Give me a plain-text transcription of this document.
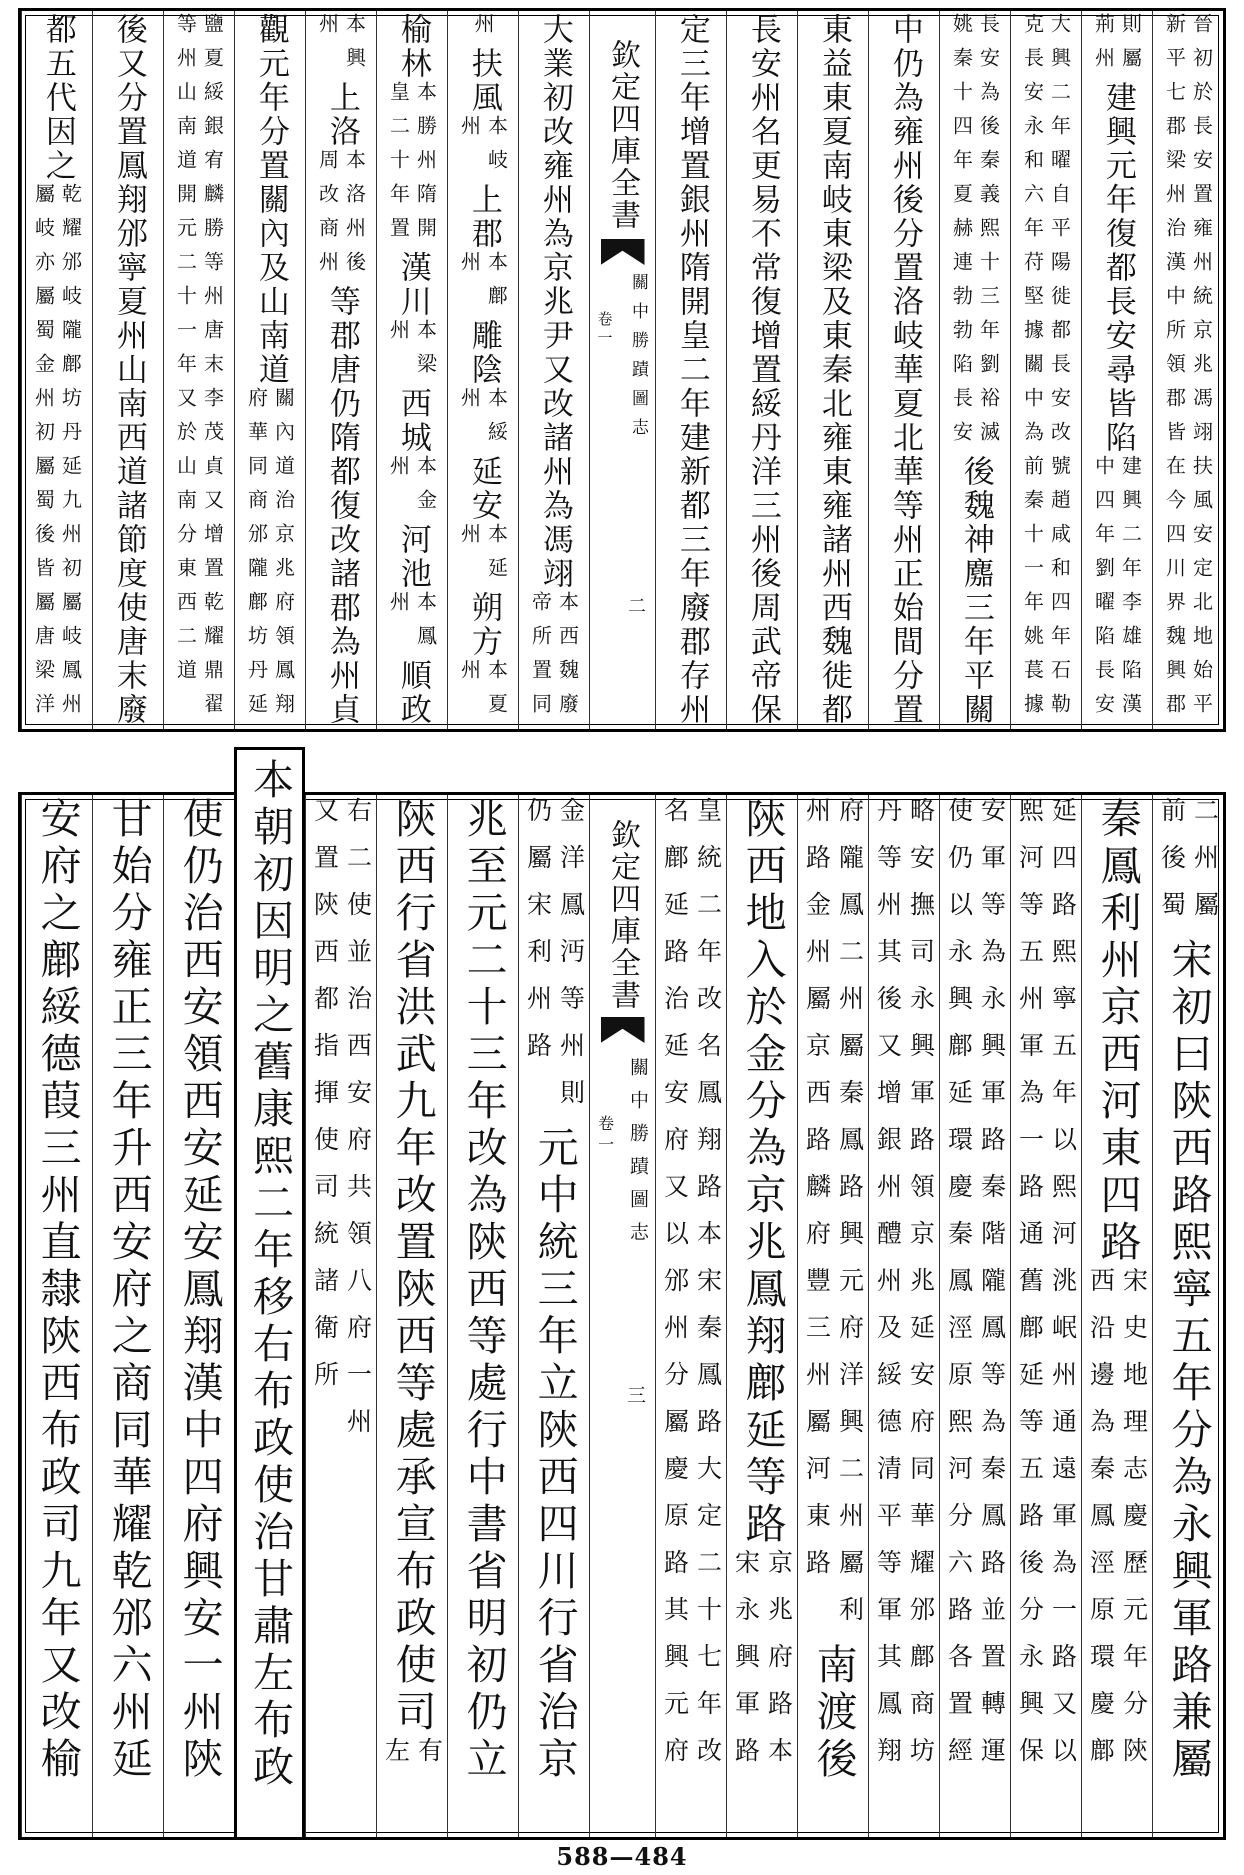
晉初於長安置雍州統京兆馮翊扶風安定北地始平
新平七郡梁州治漢中所領郡皆在今四川界魏興郡
則屬
荊州
建興元年復都長安尋皆陷
建興二年李雄陷漢
中四年劉曜陷長安
大興二年曜自平陽徙都長安改號趙咸和四年石勒
克長安永和六年苻堅據關中為前秦十一年姚萇據
長安為後秦義熙十三年劉裕滅
姚秦十四年夏赫連勃勃陷長安
後魏神䴥三年平關
中仍為雍州後分置洛岐華夏北華等州正始間分置
東益東夏南岐東梁及東秦北雍東雍諸州西魏徙都
長安州名更易不常復增置綏丹洋三州後周武帝保
定三年增置銀州隋開皇二年建新都三年廢郡存州
欽定四庫全書
關中勝蹟圖志
卷一
二
大業初改雍州為京兆尹又改諸州為馮翊
本西魏廢
帝所置同
州
扶風
本岐
州
上郡
本鄜
州
雕陰
本綏
州
延安
本延
州
朔方
本夏
州
榆林
本勝州隋開
皇二十年置
漢川
本梁
州
西城
本金
州
河池
本鳳
州
順政
本興
州
上洛
本洛州後
周改商州
等郡唐仍隋都復改諸郡為州貞
觀元年分置關內及山南道
關內道治京兆府領鳳翔
府華同商邠隴鄜坊丹延
鹽夏綏銀宥麟勝等州唐末李茂貞又增置乾耀鼎翟
等州山南道開元二十一年又於山南分東西二道
後又分置鳳翔邠寧夏州山南西道諸節度使唐末廢
都五代因之
乾耀邠岐隴鄜坊丹延九州初屬岐鳳州
屬岐亦屬蜀金州初屬蜀後皆屬唐梁洋
二州屬
前後蜀
宋初曰陝西路熙寧五年分為永興軍路兼屬
秦鳳利州京西河東四路
宋史地理志慶歷元年分陝
西沿邊為秦鳳涇原環慶鄜
延四路熙寧五年以熙河洮岷州通遠軍為一路又以
熙河等五州軍為一路通舊鄜延等五路後分永興保
安軍等為永興軍路秦階隴鳳等為秦鳳路並置轉運
使仍以永興鄜延環慶秦鳳涇原熙河分六路各置經
略安撫司永興軍路領京兆延安府同華耀邠鄜商坊
丹等州其後又增銀州醴州及綏德清平等軍其鳳翔
府隴鳳二州屬秦鳳路興元府洋興二州屬利
州路金州屬京西路麟府豐三州屬河東路
南渡後
陝西地入於金分為京兆鳳翔鄜延等路
京兆府路本
宋永興軍路
皇統二年改名鳳翔路本宋秦鳳路大定二十七年改
名鄜延路治延安府又以邠州分屬慶原路其興元府
欽定四庫全書
關中勝蹟圖志
卷一
三
金洋鳳沔等州則
仍屬宋利州路
元中統三年立陝西四川行省治京
兆至元二十三年改為陝西等處行中書省明初仍立
陝西行省洪武九年改置陝西等處承宣布政使司
有
左
右二使並治西安府共領八府一州
又置陝西都指揮使司統諸衛所
本朝初因明之舊康熙二年移右布政使治甘肅左布政
使仍治西安領西安延安鳳翔漢中四府興安一州陝
甘始分雍正三年升西安府之商同華耀乾邠六州延
安府之鄜綏德葭三州直隸陝西布政司九年又改榆
588—484
